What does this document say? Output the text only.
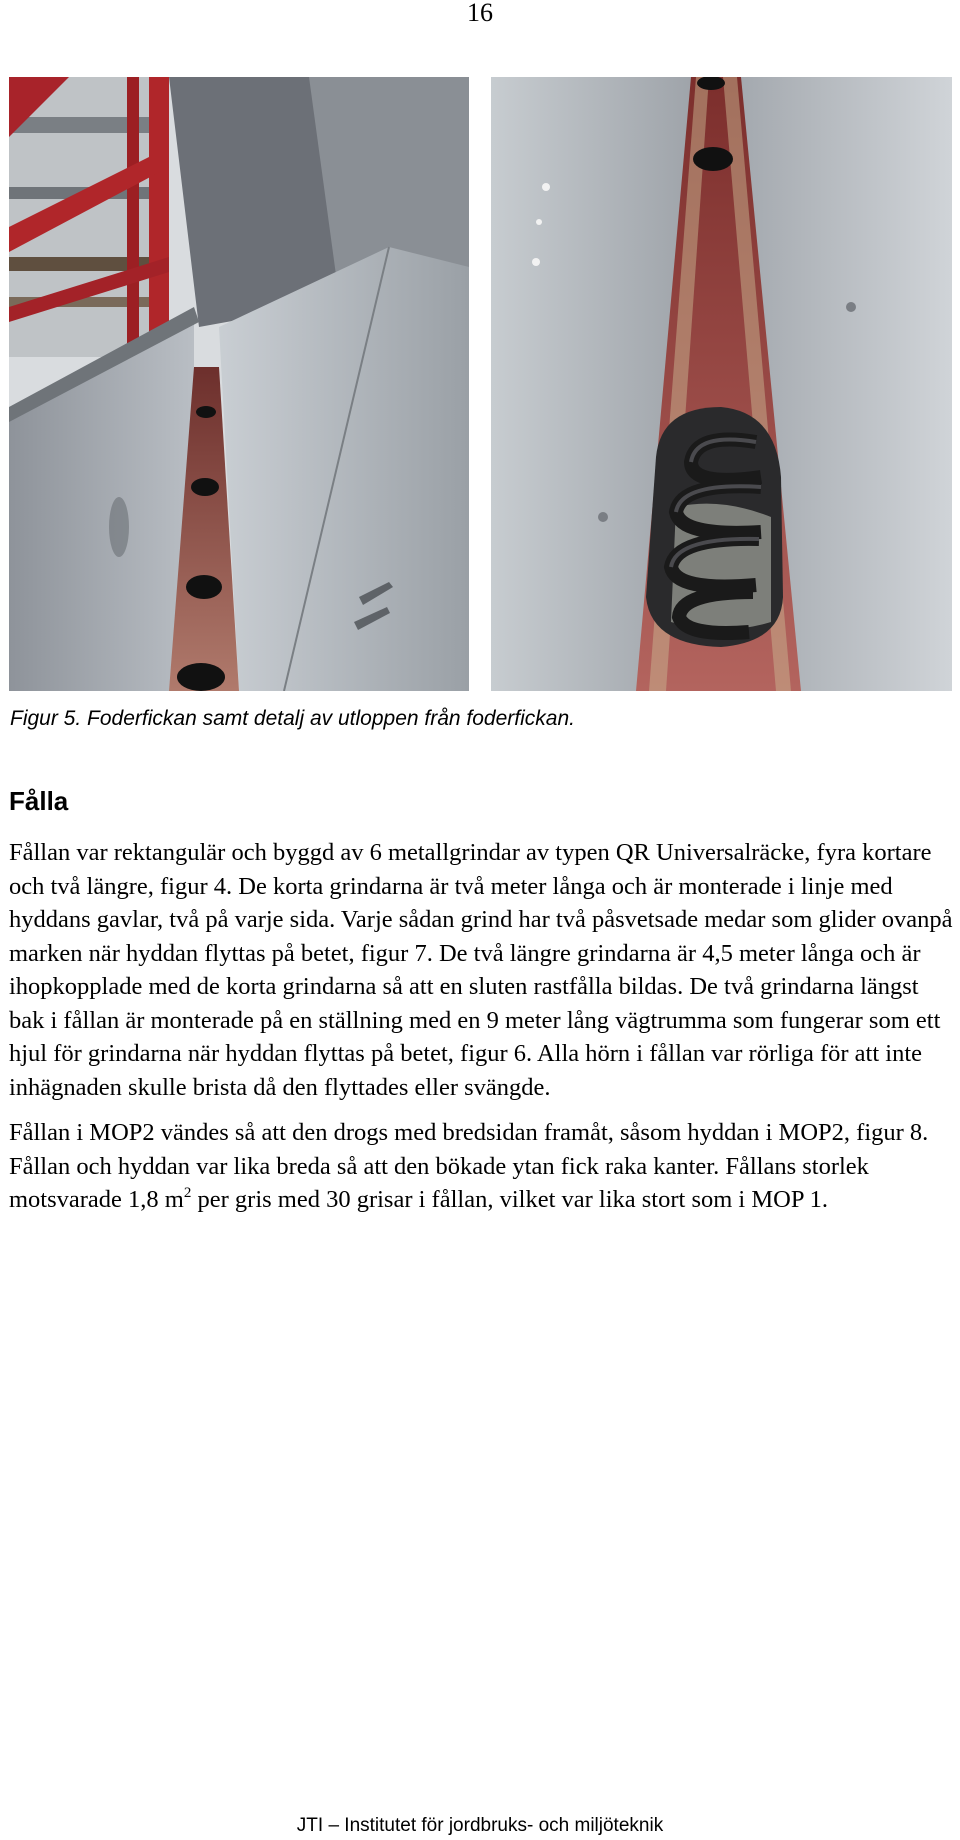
16
Figur 5. Foderfickan samt detalj av utloppen från foderfickan.
Fålla

Fållan var rektangulär och byggd av 6 metallgrindar av typen QR Universalräcke, fyra kortare och två längre, figur 4. De korta grindarna är två meter långa och är monterade i linje med hyddans gavlar, två på varje sida. Varje sådan grind har två påsvetsade medar som glider ovanpå marken när hyddan flyttas på betet, figur 7. De två längre grindarna är 4,5 meter långa och är ihopkopplade med de korta grindarna så att en sluten rastfålla bildas. De två grindarna längst bak i fållan är monterade på en ställning med en 9 meter lång vägtrumma som fungerar som ett hjul för grindarna när hyddan flyttas på betet, figur 6. Alla hörn i fållan var rörliga för att inte inhägnaden skulle brista då den flyttades eller svängde.

Fållan i MOP2 vändes så att den drogs med bredsidan framåt, såsom hyddan i MOP2, figur 8. Fållan och hyddan var lika breda så att den bökade ytan fick raka kanter. Fållans storlek motsvarade 1,8 $m^2$ per gris med 30 grisar i fållan, vilket var lika stort som i MOP 1.

JTI – Institutet för jordbruks- och miljöteknik
